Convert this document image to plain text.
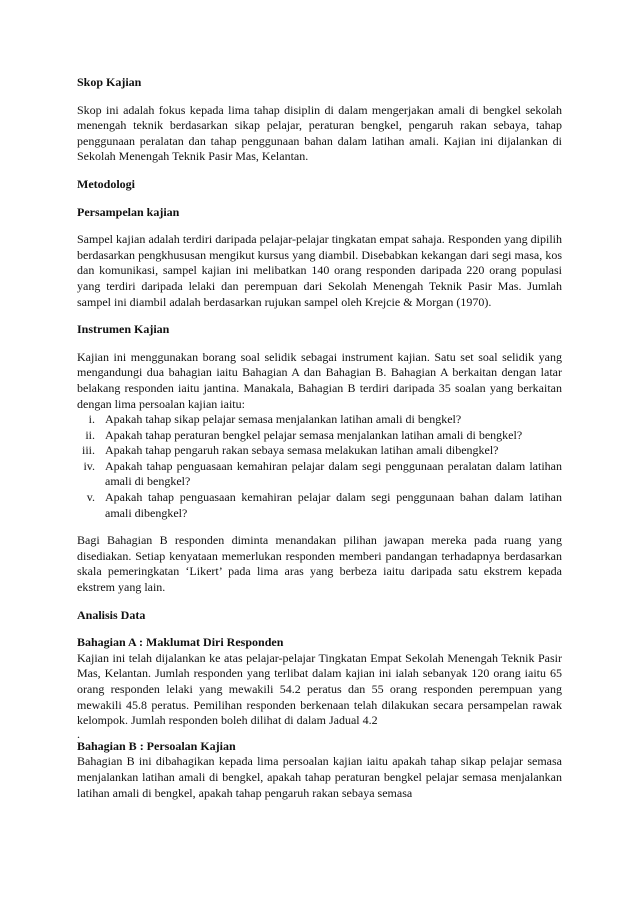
Skop Kajian

Skop ini adalah fokus kepada lima tahap disiplin di dalam mengerjakan amali di bengkel sekolah menengah teknik berdasarkan sikap pelajar, peraturan bengkel, pengaruh rakan sebaya, tahap penggunaan peralatan dan tahap penggunaan bahan dalam latihan amali. Kajian ini dijalankan di Sekolah Menengah Teknik Pasir Mas, Kelantan.

Metodologi
Persampelan kajian

Sampel kajian adalah terdiri daripada pelajar-pelajar tingkatan empat sahaja. Responden yang dipilih berdasarkan pengkhususan mengikut kursus yang diambil. Disebabkan kekangan dari segi masa, kos dan komunikasi, sampel kajian ini melibatkan 140 orang responden daripada 220 orang populasi yang terdiri daripada lelaki dan perempuan dari Sekolah Menengah Teknik Pasir Mas. Jumlah sampel ini diambil adalah berdasarkan rujukan sampel oleh Krejcie & Morgan (1970).

Instrumen Kajian

Kajian ini menggunakan borang soal selidik sebagai instrument kajian. Satu set soal selidik yang mengandungi dua bahagian iaitu Bahagian A dan Bahagian B. Bahagian A berkaitan dengan latar belakang responden iaitu jantina. Manakala, Bahagian B terdiri daripada 35 soalan yang berkaitan dengan lima persoalan kajian iaitu:

i. Apakah tahap sikap pelajar semasa menjalankan latihan amali di bengkel?
ii. Apakah tahap peraturan bengkel pelajar semasa menjalankan latihan amali di bengkel?
iii. Apakah tahap pengaruh rakan sebaya semasa melakukan latihan amali dibengkel?
iv. Apakah tahap penguasaan kemahiran pelajar dalam segi penggunaan peralatan dalam latihan amali di bengkel?
v. Apakah tahap penguasaan kemahiran pelajar dalam segi penggunaan bahan dalam latihan amali dibengkel?

Bagi Bahagian B responden diminta menandakan pilihan jawapan mereka pada ruang yang disediakan. Setiap kenyataan memerlukan responden memberi pandangan terhadapnya berdasarkan skala pemeringkatan ‘Likert’ pada lima aras yang berbeza iaitu daripada satu ekstrem kepada ekstrem yang lain.

Analisis Data
Bahagian A : Maklumat Diri Responden

Kajian ini telah dijalankan ke atas pelajar-pelajar Tingkatan Empat Sekolah Menengah Teknik Pasir Mas, Kelantan. Jumlah responden yang terlibat dalam kajian ini ialah sebanyak 120 orang iaitu 65 orang responden lelaki yang mewakili 54.2 peratus dan 55 orang responden perempuan yang mewakili 45.8 peratus. Pemilihan responden berkenaan telah dilakukan secara persampelan rawak kelompok. Jumlah responden boleh dilihat di dalam Jadual 4.2

.
Bahagian B : Persoalan Kajian

Bahagian B ini dibahagikan kepada lima persoalan kajian iaitu apakah tahap sikap pelajar semasa menjalankan latihan amali di bengkel, apakah tahap peraturan bengkel pelajar semasa menjalankan latihan amali di bengkel, apakah tahap pengaruh rakan sebaya semasa
